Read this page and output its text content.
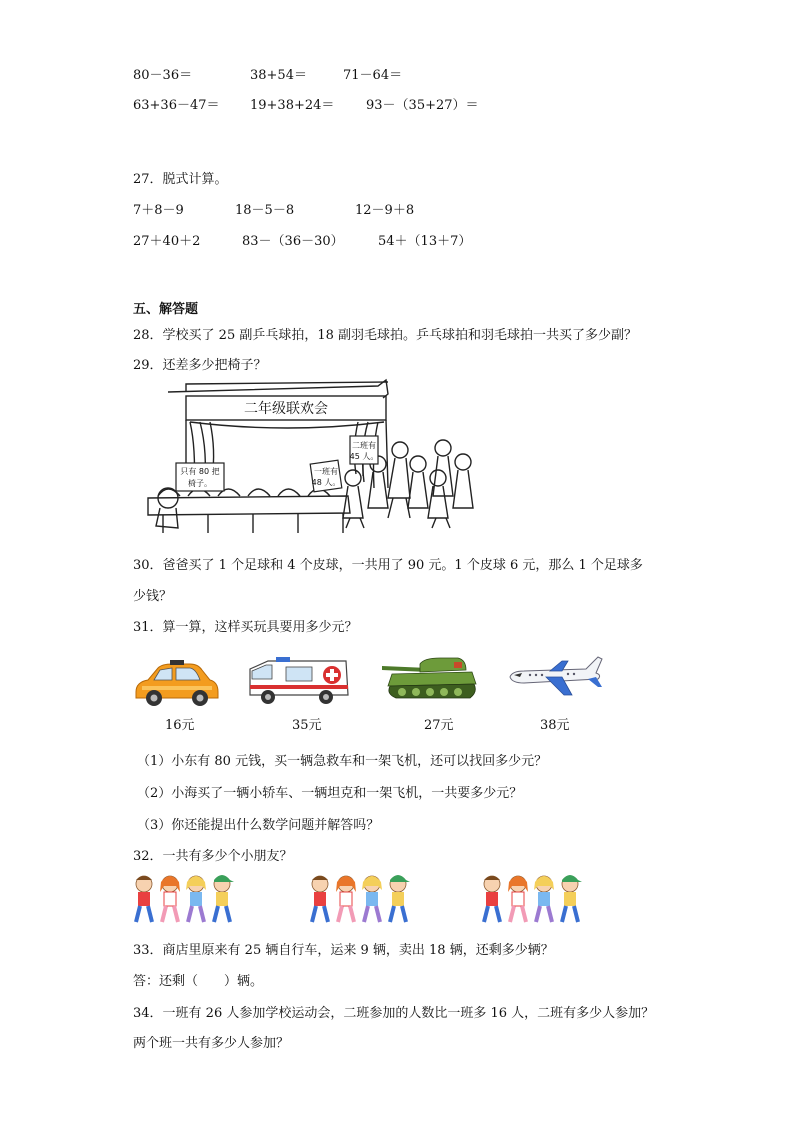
80－36＝	38+54＝	71－64＝
63+36－47＝ 19+38+24＝ 93－（35+27）＝
27．脱式计算。
7＋8－9	18－5－8	12－9＋8
27＋40＋2	83－（36－30）	54＋（13＋7）
五、解答题
28．学校买了 25 副乒乓球拍，18 副羽毛球拍。乒乓球拍和羽毛球拍一共买了多少副？
29．还差多少把椅子？
二年级联欢会
只有 80 把
椅子。
一班有
48 人。
二班有
45 人。
30．爸爸买了 1 个足球和 4 个皮球，一共用了 90 元。1 个皮球 6 元，那么 1 个足球多
少钱？
31．算一算，这样买玩具要用多少元？
16元	35元	27元	38元
（1）小东有 80 元钱，买一辆急救车和一架飞机，还可以找回多少元？
（2）小海买了一辆小轿车、一辆坦克和一架飞机，一共要多少元？
（3）你还能提出什么数学问题并解答吗？
32．一共有多少个小朋友？
33．商店里原来有 25 辆自行车，运来 9 辆，卖出 18 辆，还剩多少辆？
答：还剩（　　）辆。
34．一班有 26 人参加学校运动会，二班参加的人数比一班多 16 人，二班有多少人参加？
两个班一共有多少人参加？
